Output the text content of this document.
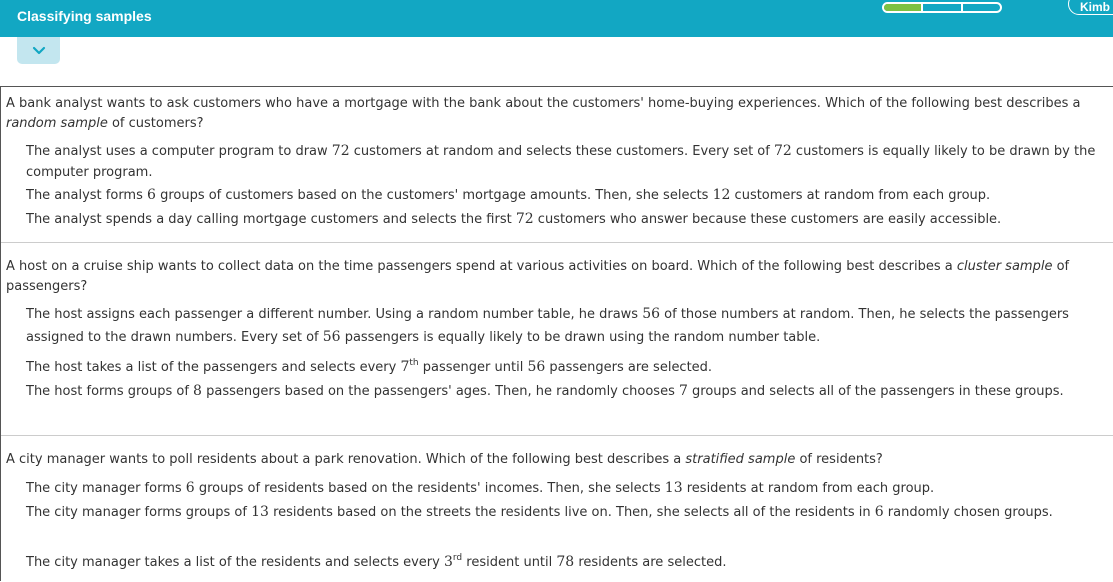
Classifying samples
Kimb
A bank analyst wants to ask customers who have a mortgage with the bank about the customers' home-buying experiences. Which of the following best describes a random sample of customers?
The analyst uses a computer program to draw 72 customers at random and selects these customers. Every set of 72 customers is equally likely to be drawn by the computer program.
The analyst forms 6 groups of customers based on the customers' mortgage amounts. Then, she selects 12 customers at random from each group.
The analyst spends a day calling mortgage customers and selects the first 72 customers who answer because these customers are easily accessible.
A host on a cruise ship wants to collect data on the time passengers spend at various activities on board. Which of the following best describes a cluster sample of passengers?
The host assigns each passenger a different number. Using a random number table, he draws 56 of those numbers at random. Then, he selects the passengers assigned to the drawn numbers. Every set of 56 passengers is equally likely to be drawn using the random number table.
The host takes a list of the passengers and selects every 7th passenger until 56 passengers are selected.
The host forms groups of 8 passengers based on the passengers' ages. Then, he randomly chooses 7 groups and selects all of the passengers in these groups.
A city manager wants to poll residents about a park renovation. Which of the following best describes a stratified sample of residents?
The city manager forms 6 groups of residents based on the residents' incomes. Then, she selects 13 residents at random from each group.
The city manager forms groups of 13 residents based on the streets the residents live on. Then, she selects all of the residents in 6 randomly chosen groups.
The city manager takes a list of the residents and selects every 3rd resident until 78 residents are selected.
